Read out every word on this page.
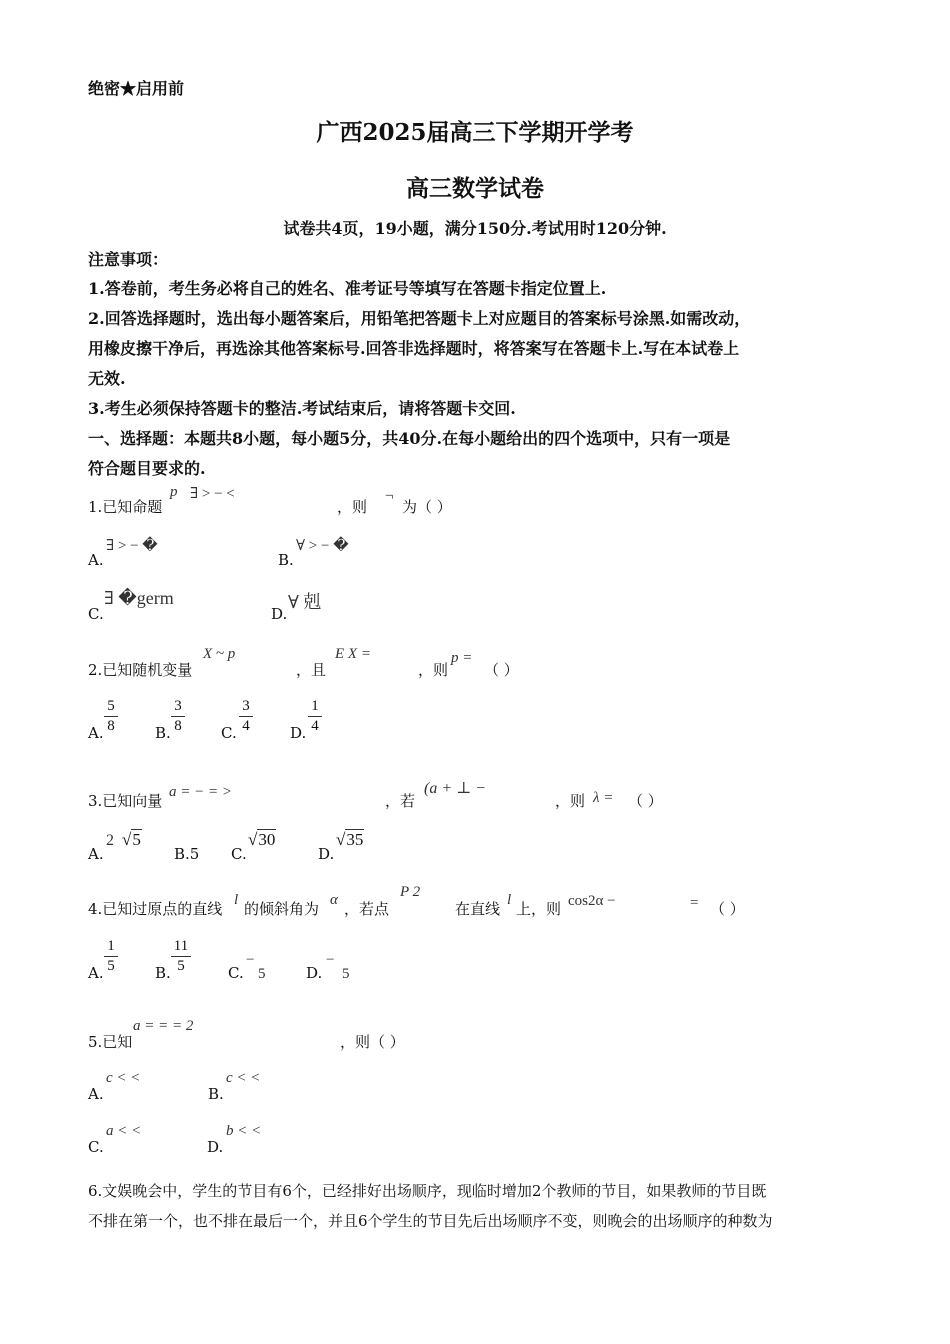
绝密★启用前
广西2025届高三下学期开学考
高三数学试卷
试卷共4页，19小题，满分150分.考试用时120分钟.
注意事项：
1.答卷前，考生务必将自己的姓名、准考证号等填写在答题卡指定位置上.
2.回答选择题时，选出每小题答案后，用铅笔把答题卡上对应题目的答案标号涂黑.如需改动，
用橡皮擦干净后，再选涂其他答案标号.回答非选择题时，将答案写在答题卡上.写在本试卷上
无效.
3.考生必须保持答题卡的整洁.考试结束后，请将答题卡交回.
一、选择题：本题共8小题，每小题5分，共40分.在每小题给出的四个选项中，只有一项是
符合题目要求的.
1.已知命题
p ∃ > − <
，则
¬
为（ ）
A.
∃ > − �
B.
∀ > − �
C.
∃ �germ
D.
∀ 剋
2.已知随机变量
X ~ p
，且
E X =
，则
p =
（ ）
A.
5
8	B.
3
8	C.
3
4	D.
1
4
3.已知向量 a = − = >	，若
(a + ⊥ −
，则 λ = （ ）
A.
2 √5
B.5 C.
√30
D.
√35
4.已知过原点的直线 l 的倾斜角为 α ，若点
P 2
在直线 l 上，则 cos2α −	= （ ）
A.
1
5	B.
11
5	C.
−
5	D.
−
5
5.已知
a = = = 2
，则（ ）
A.
c < <
B.
c < <
C.
a < <
D.
b < <
6.文娱晚会中，学生的节目有6个，已经排好出场顺序，现临时增加2个教师的节目，如果教师的节目既
不排在第一个，也不排在最后一个，并且6个学生的节目先后出场顺序不变，则晚会的出场顺序的种数为
